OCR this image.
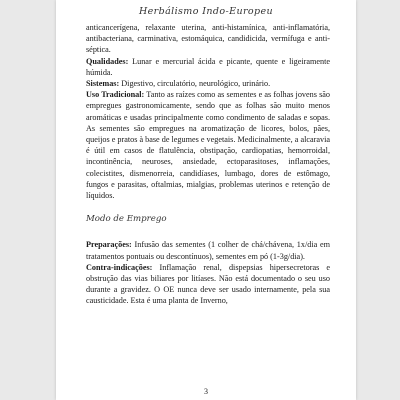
Herbálismo Indo-Europeu

anticancerígena, relaxante uterina, anti-histamínica, anti-inflamatória, antibacteriana, carminativa, estomáquica, candidicida, vermífuga e anti-séptica.

Qualidades: Lunar e mercurial ácida e picante, quente e ligeiramente húmida.

Sistemas: Digestivo, circulatório, neurológico, urinário.

Uso Tradicional: Tanto as raízes como as sementes e as folhas jovens são empregues gastronomicamente, sendo que as folhas são muito menos aromáticas e usadas principalmente como condimento de saladas e sopas. As sementes são empregues na aromatização de licores, bolos, pães, queijos e pratos à base de legumes e vegetais. Medicinalmente, a alcaravia é útil em casos de flatulência, obstipação, cardiopatias, hemorroidal, incontinência, neuroses, ansiedade, ectoparasitoses, inflamações, colecistites, dismenorreia, candidíases, lumbago, dores de estômago, fungos e parasitas, oftalmias, mialgias, problemas uterinos e retenção de líquidos.

Modo de Emprego

Preparações: Infusão das sementes (1 colher de chá/chávena, 1x/dia em tratamentos pontuais ou descontínuos), sementes em pó (1-3g/dia).

Contra-indicações: Inflamação renal, dispepsias hipersecretoras e obstrução das vias biliares por litíases. Não está documentado o seu uso durante a gravidez. O OE nunca deve ser usado internamente, pela sua causticidade. Esta é uma planta de Inverno,

3
